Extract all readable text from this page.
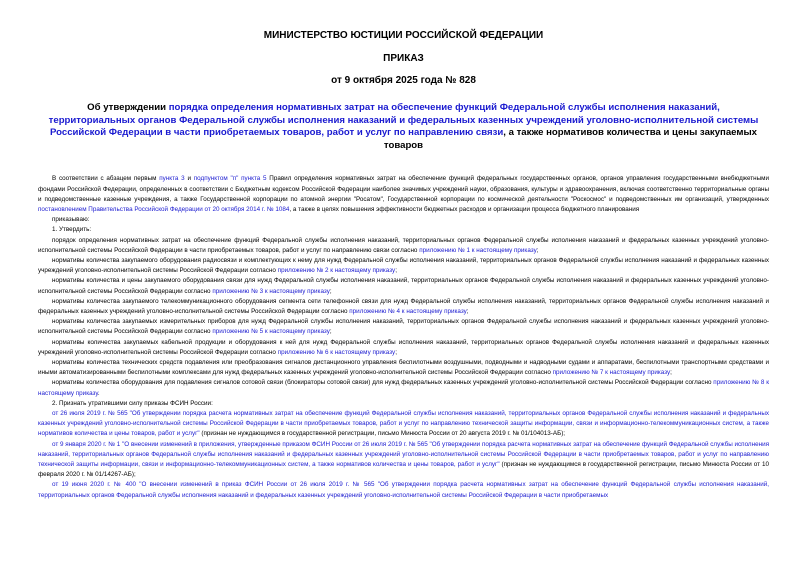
МИНИСТЕРСТВО ЮСТИЦИИ РОССИЙСКОЙ ФЕДЕРАЦИИ
ПРИКАЗ
от 9 октября 2025 года № 828
Об утверждении порядка определения нормативных затрат на обеспечение функций Федеральной службы исполнения наказаний, территориальных органов Федеральной службы исполнения наказаний и федеральных казенных учреждений уголовно-исполнительной системы Российской Федерации в части приобретаемых товаров, работ и услуг по направлению связи, а также нормативов количества и цены закупаемых товаров

В соответствии с абзацем первым пункта 3 и подпунктом "п" пункта 5 Правил определения нормативных затрат на обеспечение функций федеральных государственных органов, органов управления государственными внебюджетными фондами Российской Федерации, определенных в соответствии с Бюджетным кодексом Российской Федерации наиболее значимых учреждений науки, образования, культуры и здравоохранения, включая соответственно территориальные органы и подведомственные казенные учреждения, а также Государственной корпорации по атомной энергии "Росатом", Государственной корпорации по космической деятельности "Роскосмос" и подведомственных им организаций, утвержденных постановлением Правительства Российской Федерации от 20 октября 2014 г. № 1084, а также в целях повышения эффективности бюджетных расходов и организации процесса бюджетного планирования

приказываю:

1. Утвердить:

порядок определения нормативных затрат на обеспечение функций Федеральной службы исполнения наказаний, территориальных органов Федеральной службы исполнения наказаний и федеральных казенных учреждений уголовно-исполнительной системы Российской Федерации в части приобретаемых товаров, работ и услуг по направлению связи согласно приложению № 1 к настоящему приказу;

нормативы количества закупаемого оборудования радиосвязи и комплектующих к нему для нужд Федеральной службы исполнения наказаний, территориальных органов Федеральной службы исполнения наказаний и федеральных казенных учреждений уголовно-исполнительной системы Российской Федерации согласно приложению № 2 к настоящему приказу;

нормативы количества и цены закупаемого оборудования связи для нужд Федеральной службы исполнения наказаний, территориальных органов Федеральной службы исполнения наказаний и федеральных казенных учреждений уголовно-исполнительной системы Российской Федерации согласно приложению № 3 к настоящему приказу;

нормативы количества закупаемого телекоммуникационного оборудования сегмента сети телефонной связи для нужд Федеральной службы исполнения наказаний, территориальных органов Федеральной службы исполнения наказаний и федеральных казенных учреждений уголовно-исполнительной системы Российской Федерации согласно приложению № 4 к настоящему приказу;

нормативы количества закупаемых измерительных приборов для нужд Федеральной службы исполнения наказаний, территориальных органов Федеральной службы исполнения наказаний и федеральных казенных учреждений уголовно-исполнительной системы Российской Федерации согласно приложению № 5 к настоящему приказу;

нормативы количества закупаемых кабельной продукции и оборудования к ней для нужд Федеральной службы исполнения наказаний, территориальных органов Федеральной службы исполнения наказаний и федеральных казенных учреждений уголовно-исполнительной системы Российской Федерации согласно приложению № 6 к настоящему приказу;

нормативы количества технических средств подавления или преобразования сигналов дистанционного управления беспилотными воздушными, подводными и надводными судами и аппаратами, беспилотными транспортными средствами и иными автоматизированными беспилотными комплексами для нужд федеральных казенных учреждений уголовно-исполнительной системы Российской Федерации согласно приложению № 7 к настоящему приказу;

нормативы количества оборудования для подавления сигналов сотовой связи (блокираторы сотовой связи) для нужд федеральных казенных учреждений уголовно-исполнительной системы Российской Федерации согласно приложению № 8 к настоящему приказу.

2. Признать утратившими силу приказы ФСИН России:

от 26 июля 2019 г. № 565 "Об утверждении порядка расчета нормативных затрат на обеспечение функций Федеральной службы исполнения наказаний, территориальных органов Федеральной службы исполнения наказаний и федеральных казенных учреждений уголовно-исполнительной системы Российской Федерации в части приобретаемых товаров, работ и услуг по направлению технической защиты информации, связи и информационно-телекоммуникационных систем, а также нормативов количества и цены товаров, работ и услуг" (признан не нуждающимся в государственной регистрации, письмо Минюста России от 20 августа 2019 г. № 01/104013-АБ);

от 9 января 2020 г. № 1 "О внесении изменений в приложения, утвержденные приказом ФСИН России от 26 июля 2019 г. № 565 "Об утверждении порядка расчета нормативных затрат на обеспечение функций Федеральной службы исполнения наказаний, территориальных органов Федеральной службы исполнения наказаний и федеральных казенных учреждений уголовно-исполнительной системы Российской Федерации в части приобретаемых товаров, работ и услуг по направлению технической защиты информации, связи и информационно-телекоммуникационных систем, а также нормативов количества и цены товаров, работ и услуг" (признан не нуждающимся в государственной регистрации, письмо Минюста России от 10 февраля 2020 г. № 01/14267-АБ);

от 19 июня 2020 г. № 400 "О внесении изменений в приказ ФСИН России от 26 июля 2019 г. № 565 "Об утверждении порядка расчета нормативных затрат на обеспечение функций Федеральной службы исполнения наказаний, территориальных органов Федеральной службы исполнения наказаний и федеральных казенных учреждений уголовно-исполнительной системы Российской Федерации в части приобретаемых
